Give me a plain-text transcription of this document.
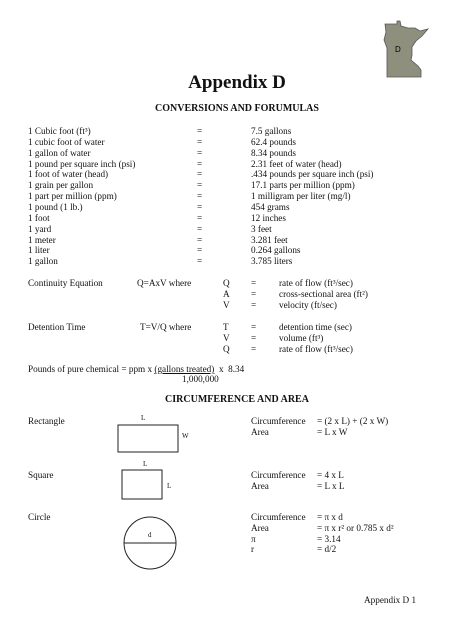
D
Appendix D
CONVERSIONS AND FORUMULAS
1 Cubic foot (ft³)	=	7.5 gallons
1 cubic foot of water	=	62.4 pounds
1 gallon of water	=	8.34 pounds
1 pound per square inch (psi)	=	2.31 feet of water (head)
1 foot of water (head)	=	.434 pounds per square inch (psi)
1 grain per gallon	=	17.1 parts per million (ppm)
1 part per million (ppm)	=	1 milligram per liter (mg/l)
1 pound (1 lb.)	=	454 grams
1 foot	=	12 inches
1 yard	=	3 feet
1 meter	=	3.281 feet
1 liter	=	0.264 gallons
1 gallon	=	3.785 liters
Continuity Equation	Q=AxV where	Q = rate of flow (ft³/sec)
A = cross-sectional area (ft²)
V = velocity (ft/sec)
Detention Time	T=V/Q where	T = detention time (sec)
V = volume (ft³)
Q = rate of flow (ft³/sec)
Pounds of pure chemical = ppm x (gallons treated)  x  8.34
1,000,000
CIRCUMFERENCE AND AREA
Rectangle	L
W
Circumference = (2 x L) + (2 x W)
Area	= L x W
Square
L
L
Circumference = 4 x L
Area	= L x L
Circle
d
Circumference = π x d
Area	= π x r² or 0.785 x d²
π	= 3.14
r	= d/2
Appendix D 1
